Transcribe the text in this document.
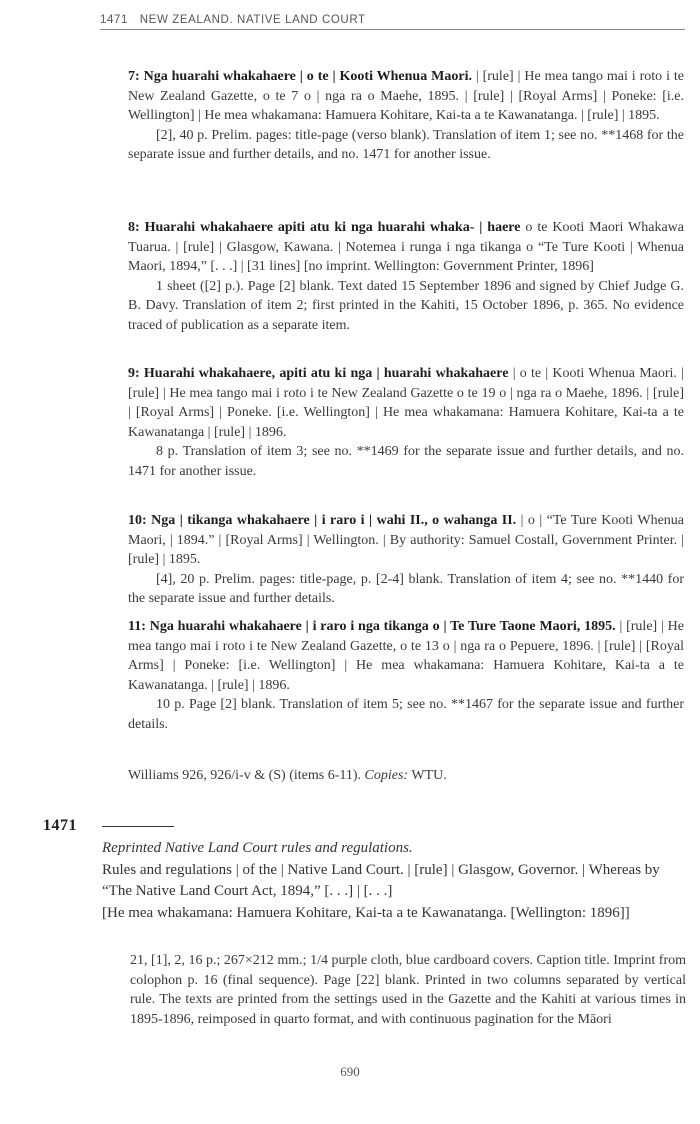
1471 NEW ZEALAND. NATIVE LAND COURT

7: Nga huarahi whakahaere | o te | Kooti Whenua Maori. | [rule] | He mea tango mai i roto i te New Zealand Gazette, o te 7 o | nga ra o Maehe, 1895. | [rule] | [Royal Arms] | Poneke: [i.e. Wellington] | He mea whakamana: Hamuera Kohitare, Kai-ta a te Kawanatanga. | [rule] | 1895.

[2], 40 p. Prelim. pages: title-page (verso blank). Translation of item 1; see no. **1468 for the separate issue and further details, and no. 1471 for another issue.

8: Huarahi whakahaere apiti atu ki nga huarahi whaka- | haere o te Kooti Maori Whakawa Tuarua. | [rule] | Glasgow, Kawana. | Notemea i runga i nga tikanga o “Te Ture Kooti | Whenua Maori, 1894,” [. . .] | [31 lines] [no imprint. Wellington: Government Printer, 1896]

1 sheet ([2] p.). Page [2] blank. Text dated 15 September 1896 and signed by Chief Judge G. B. Davy. Translation of item 2; first printed in the Kahiti, 15 October 1896, p. 365. No evidence traced of publication as a separate item.

9: Huarahi whakahaere, apiti atu ki nga | huarahi whakahaere | o te | Kooti Whenua Maori. | [rule] | He mea tango mai i roto i te New Zealand Gazette o te 19 o | nga ra o Maehe, 1896. | [rule] | [Royal Arms] | Poneke. [i.e. Wellington] | He mea whakamana: Hamuera Kohitare, Kai-ta a te Kawanatanga | [rule] | 1896.

8 p. Translation of item 3; see no. **1469 for the separate issue and further details, and no. 1471 for another issue.

10: Nga | tikanga whakahaere | i raro i | wahi II., o wahanga II. | o | “Te Ture Kooti Whenua Maori, | 1894.” | [Royal Arms] | Wellington. | By authority: Samuel Costall, Government Printer. | [rule] | 1895.

[4], 20 p. Prelim. pages: title-page, p. [2-4] blank. Translation of item 4; see no. **1440 for the separate issue and further details.

11: Nga huarahi whakahaere | i raro i nga tikanga o | Te Ture Taone Maori, 1895. | [rule] | He mea tango mai i roto i te New Zealand Gazette, o te 13 o | nga ra o Pepuere, 1896. | [rule] | [Royal Arms] | Poneke: [i.e. Wellington] | He mea whakamana: Hamuera Kohitare, Kai-ta a te Kawanatanga. | [rule] | 1896.

10 p. Page [2] blank. Translation of item 5; see no. **1467 for the separate issue and further details.

Williams 926, 926/i-v & (S) (items 6-11). Copies: WTU.

1471

Reprinted Native Land Court rules and regulations.

Rules and regulations | of the | Native Land Court. | [rule] | Glasgow, Governor. | Whereas by “The Native Land Court Act, 1894,” [. . .] | [. . .]

[He mea whakamana: Hamuera Kohitare, Kai-ta a te Kawanatanga. [Wellington: 1896]]

21, [1], 2, 16 p.; 267×212 mm.; 1/4 purple cloth, blue cardboard covers. Caption title. Imprint from colophon p. 16 (final sequence). Page [22] blank. Printed in two columns separated by vertical rule. The texts are printed from the settings used in the Gazette and the Kahiti at various times in 1895-1896, reimposed in quarto format, and with continuous pagination for the Māori

690
